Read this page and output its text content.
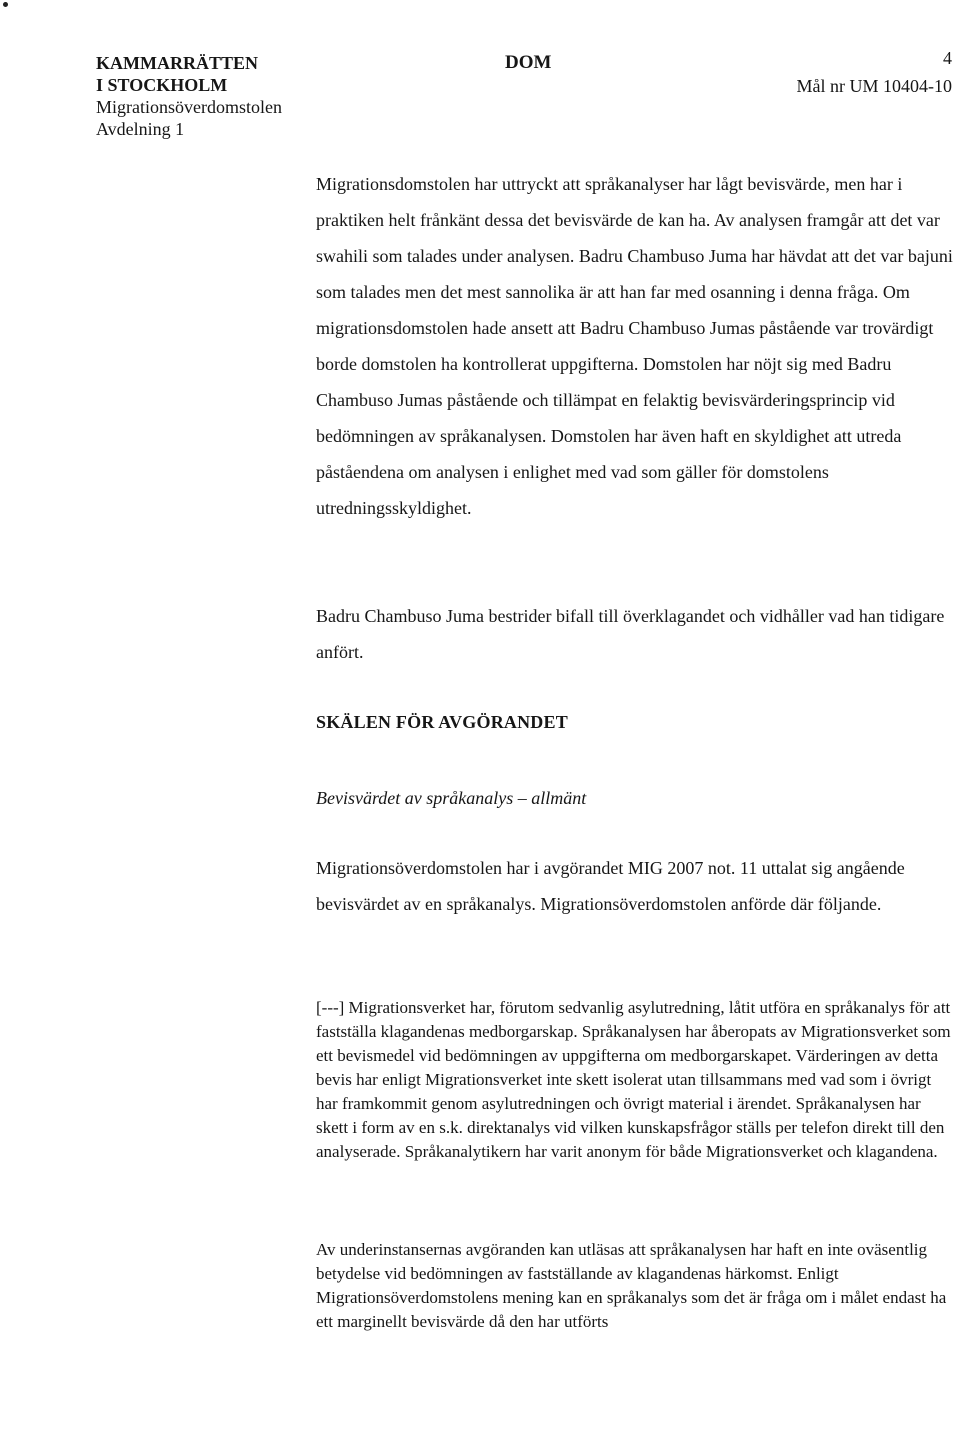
KAMMARRÄTTEN
I STOCKHOLM
Migrationsöverdomstolen
Avdelning 1
DOM	4
Mål nr UM 10404-10

Migrationsdomstolen har uttryckt att språkanalyser har lågt bevisvärde, men har i praktiken helt frånkänt dessa det bevisvärde de kan ha. Av analysen framgår att det var swahili som talades under analysen. Badru Chambuso Juma har hävdat att det var bajuni som talades men det mest sannolika är att han far med osanning i denna fråga. Om migrationsdomstolen hade ansett att Badru Chambuso Jumas påstående var trovärdigt borde domstolen ha kontrollerat uppgifterna. Domstolen har nöjt sig med Badru Chambuso Jumas påstående och tillämpat en felaktig bevisvärderingsprincip vid bedömningen av språkanalysen. Domstolen har även haft en skyldighet att utreda påståendena om analysen i enlighet med vad som gäller för domstolens utredningsskyldighet.

Badru Chambuso Juma bestrider bifall till överklagandet och vidhåller vad han tidigare anfört.

SKÄLEN FÖR AVGÖRANDET

Bevisvärdet av språkanalys – allmänt

Migrationsöverdomstolen har i avgörandet MIG 2007 not. 11 uttalat sig angående bevisvärdet av en språkanalys. Migrationsöverdomstolen anförde där följande.

[---] Migrationsverket har, förutom sedvanlig asylutredning, låtit utföra en språkanalys för att fastställa klagandenas medborgarskap. Språkanalysen har åberopats av Migrationsverket som ett bevismedel vid bedömningen av uppgifterna om medborgarskapet. Värderingen av detta bevis har enligt Migrationsverket inte skett isolerat utan tillsammans med vad som i övrigt har framkommit genom asylutredningen och övrigt material i ärendet. Språkanalysen har skett i form av en s.k. direktanalys vid vilken kunskapsfrågor ställs per telefon direkt till den analyserade. Språkanalytikern har varit anonym för både Migrationsverket och klagandena.

Av underinstansernas avgöranden kan utläsas att språkanalysen har haft en inte oväsentlig betydelse vid bedömningen av fastställande av klagandenas härkomst. Enligt Migrationsöverdomstolens mening kan en språkanalys som det är fråga om i målet endast ha ett marginellt bevisvärde då den har utförts
